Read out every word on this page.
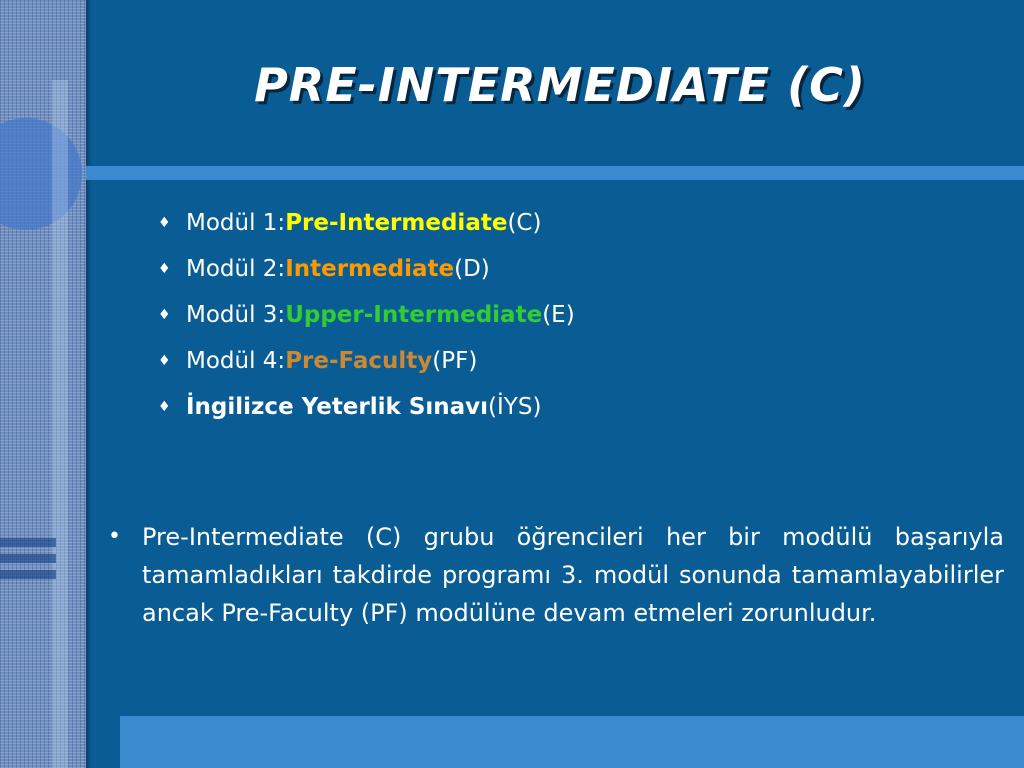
PRE-INTERMEDIATE (C)
♦ Modül 1: Pre-Intermediate (C)
♦ Modül 2: Intermediate (D)
♦ Modül 3: Upper-Intermediate (E)
♦ Modül 4: Pre-Faculty (PF)
♦ İngilizce Yeterlik Sınavı (İYS)
• Pre-Intermediate (C) grubu öğrencileri her bir modülü başarıyla tamamladıkları takdirde programı 3. modül sonunda tamamlayabilirler ancak Pre-Faculty (PF) modülüne devam etmeleri zorunludur.
